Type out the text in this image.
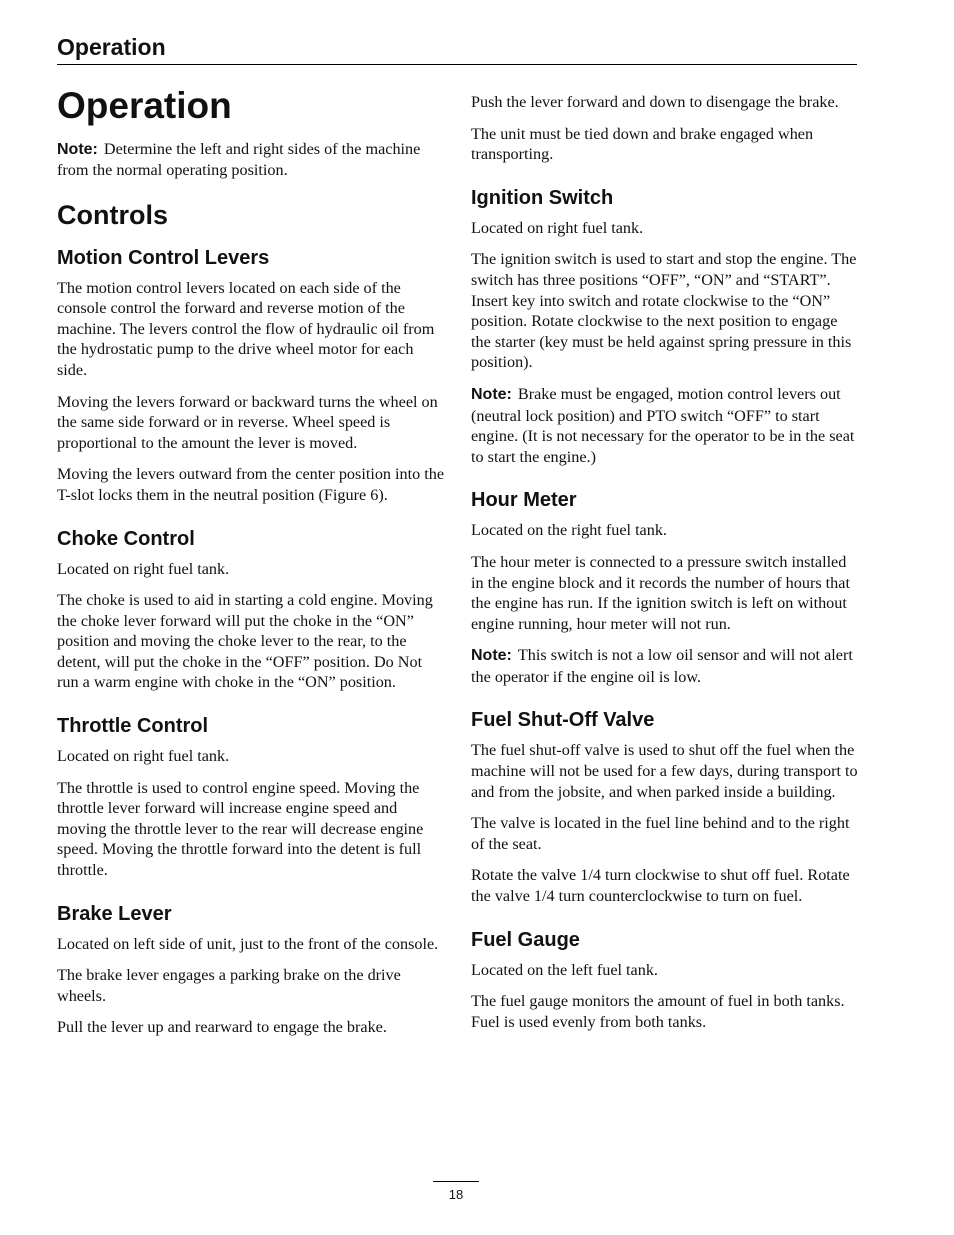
Operation
Operation

Note: Determine the left and right sides of the machine from the normal operating position.

Controls
Motion Control Levers

The motion control levers located on each side of the console control the forward and reverse motion of the machine. The levers control the flow of hydraulic oil from the hydrostatic pump to the drive wheel motor for each side.

Moving the levers forward or backward turns the wheel on the same side forward or in reverse. Wheel speed is proportional to the amount the lever is moved.

Moving the levers outward from the center position into the T-slot locks them in the neutral position (Figure 6).

Choke Control

Located on right fuel tank.

The choke is used to aid in starting a cold engine. Moving the choke lever forward will put the choke in the “ON” position and moving the choke lever to the rear, to the detent, will put the choke in the “OFF” position. Do Not run a warm engine with choke in the “ON” position.

Throttle Control

Located on right fuel tank.

The throttle is used to control engine speed. Moving the throttle lever forward will increase engine speed and moving the throttle lever to the rear will decrease engine speed. Moving the throttle forward into the detent is full throttle.

Brake Lever

Located on left side of unit, just to the front of the console.

The brake lever engages a parking brake on the drive wheels.

Pull the lever up and rearward to engage the brake.

Push the lever forward and down to disengage the brake.

The unit must be tied down and brake engaged when transporting.

Ignition Switch

Located on right fuel tank.

The ignition switch is used to start and stop the engine. The switch has three positions “OFF”, “ON” and “START”. Insert key into switch and rotate clockwise to the “ON” position. Rotate clockwise to the next position to engage the starter (key must be held against spring pressure in this position).

Note: Brake must be engaged, motion control levers out (neutral lock position) and PTO switch “OFF” to start engine. (It is not necessary for the operator to be in the seat to start the engine.)

Hour Meter

Located on the right fuel tank.

The hour meter is connected to a pressure switch installed in the engine block and it records the number of hours that the engine has run. If the ignition switch is left on without engine running, hour meter will not run.

Note: This switch is not a low oil sensor and will not alert the operator if the engine oil is low.

Fuel Shut-Off Valve

The fuel shut-off valve is used to shut off the fuel when the machine will not be used for a few days, during transport to and from the jobsite, and when parked inside a building.

The valve is located in the fuel line behind and to the right of the seat.

Rotate the valve 1/4 turn clockwise to shut off fuel. Rotate the valve 1/4 turn counterclockwise to turn on fuel.

Fuel Gauge

Located on the left fuel tank.

The fuel gauge monitors the amount of fuel in both tanks. Fuel is used evenly from both tanks.

18
